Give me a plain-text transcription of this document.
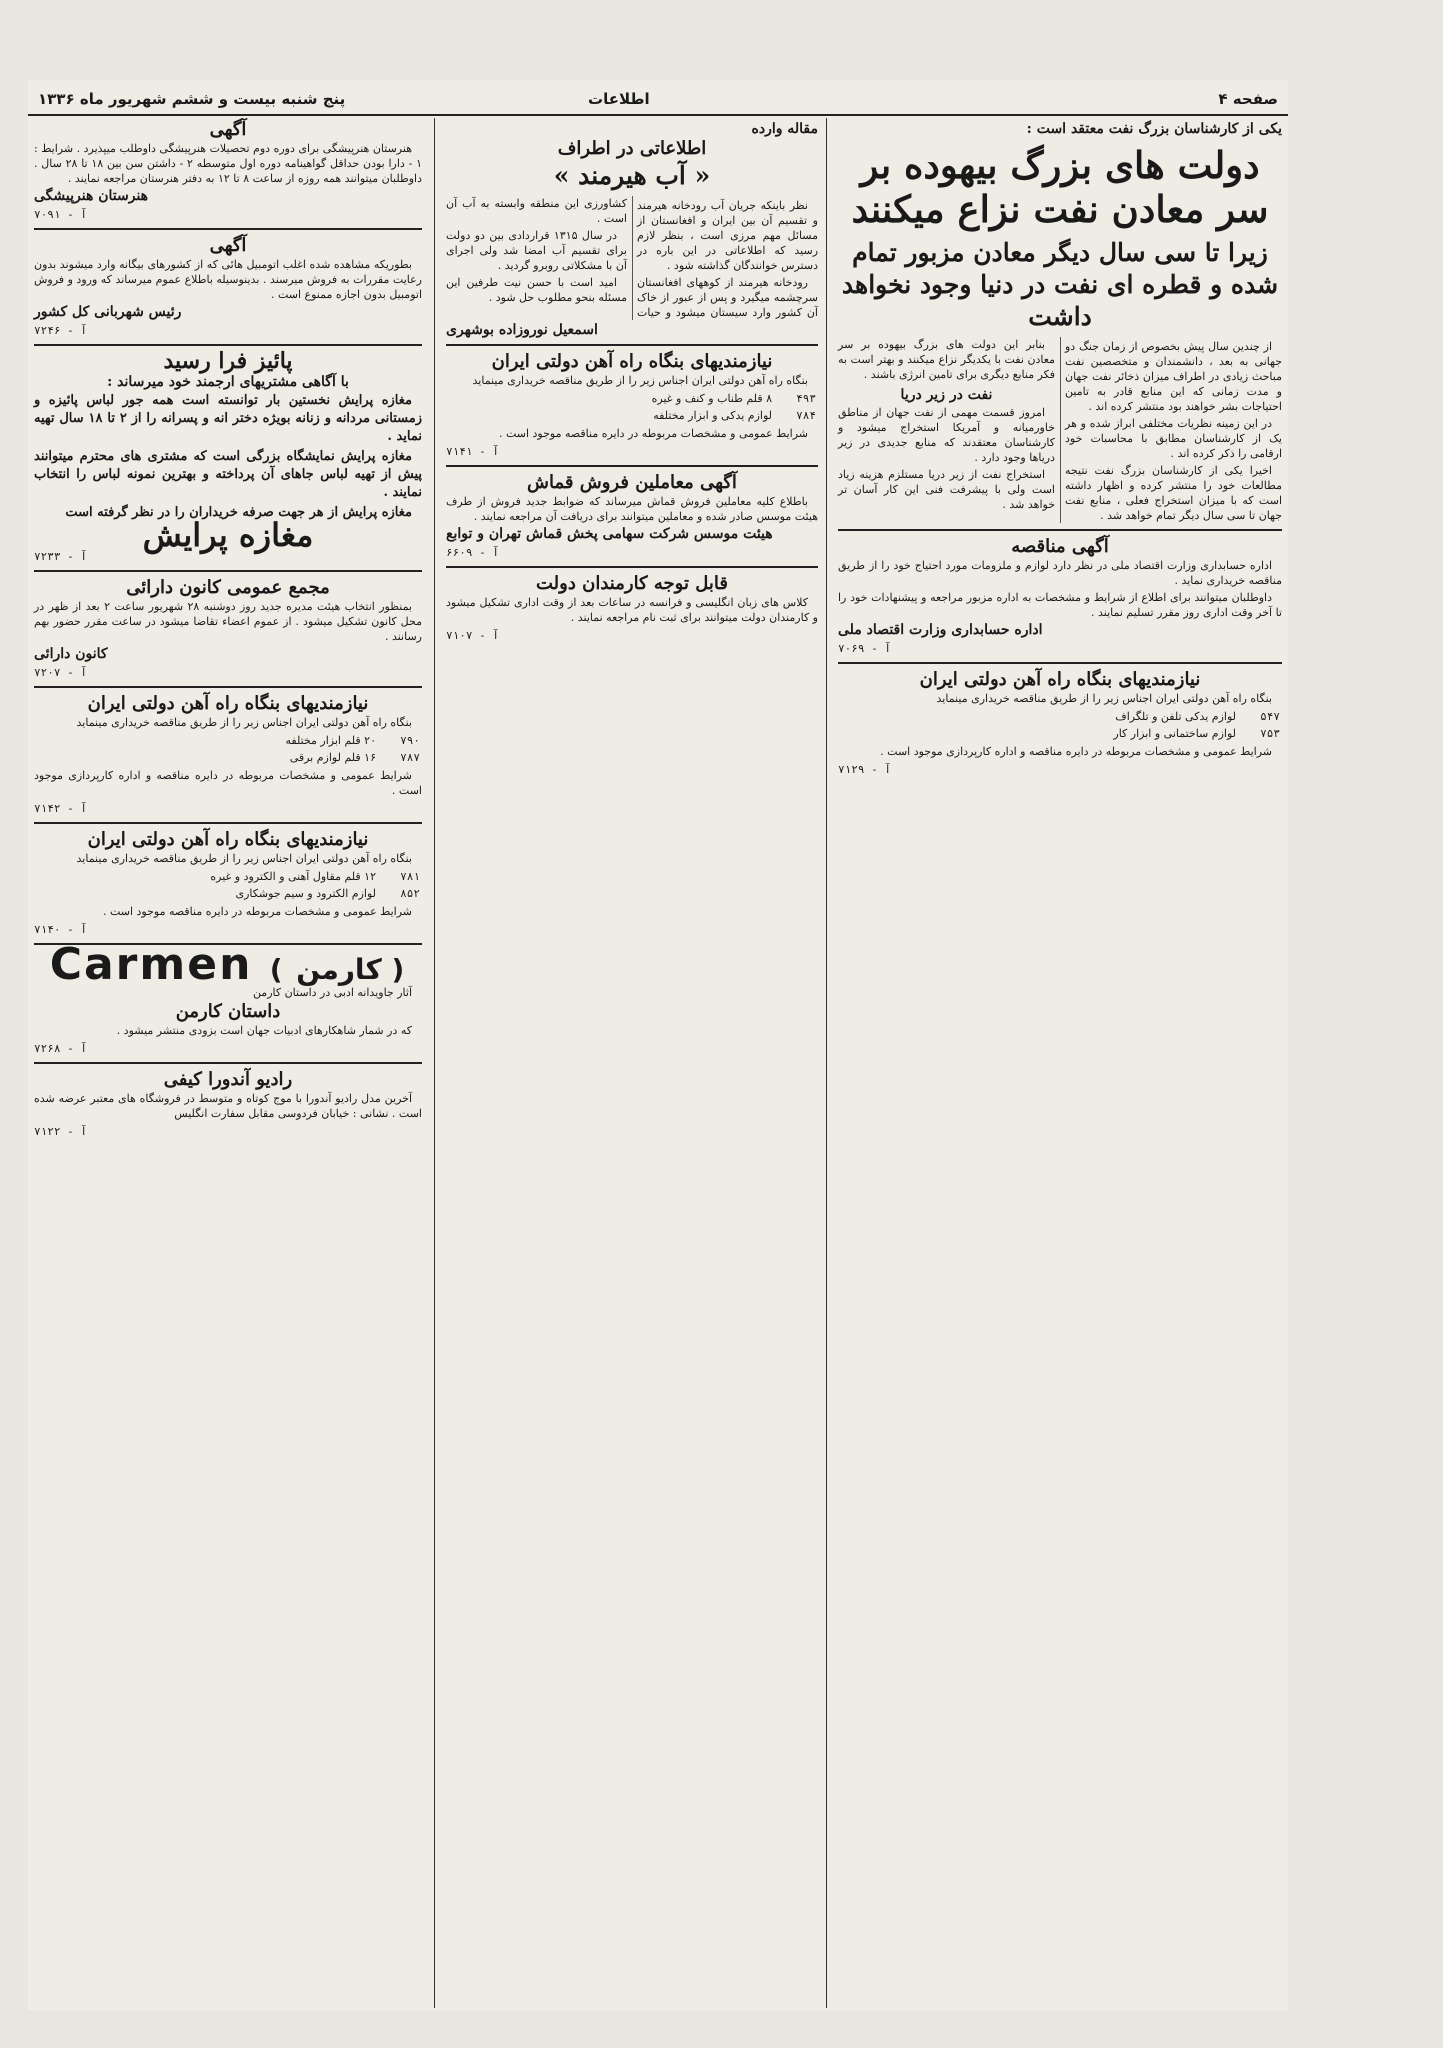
صفحه ۴
اطلاعات
پنج شنبه بیست و ششم شهریور ماه ۱۳۳۶
یکی از کارشناسان بزرگ نفت معتقد است :
دولت های بزرگ بیهوده بر سر معادن نفت نزاع میکنند
زیرا تا سی سال دیگر معادن مزبور تمام شده و قطره ای نفت در دنیا وجود نخواهد داشت

از چندین سال پیش بخصوص از زمان جنگ دو جهانی به بعد ، دانشمندان و متخصصین نفت مباحث زیادی در اطراف میزان ذخائر نفت جهان و مدت زمانی که این منابع قادر به تامین احتیاجات بشر خواهند بود منتشر کرده اند .

در این زمینه نظریات مختلفی ابراز شده و هر یک از کارشناسان مطابق با محاسبات خود ارقامی را ذکر کرده اند .

اخیرا یکی از کارشناسان بزرگ نفت نتیجه مطالعات خود را منتشر کرده و اظهار داشته است که با میزان استخراج فعلی ، منابع نفت جهان تا سی سال دیگر تمام خواهد شد .

بنابر این دولت های بزرگ بیهوده بر سر معادن نفت با یکدیگر نزاع میکنند و بهتر است به فکر منابع دیگری برای تامین انرژی باشند .

نفت در زیر دریا

امروز قسمت مهمی از نفت جهان از مناطق خاورمیانه و آمریکا استخراج میشود و کارشناسان معتقدند که منابع جدیدی در زیر دریاها وجود دارد .

استخراج نفت از زیر دریا مستلزم هزینه زیاد است ولی با پیشرفت فنی این کار آسان تر خواهد شد .

آگهی مناقصه

اداره حسابداری وزارت اقتصاد ملی در نظر دارد لوازم و ملزومات مورد احتیاج خود را از طریق مناقصه خریداری نماید .

داوطلبان میتوانند برای اطلاع از شرایط و مشخصات به اداره مزبور مراجعه و پیشنهادات خود را تا آخر وقت اداری روز مقرر تسلیم نمایند .

اداره حسابداری وزارت اقتصاد ملی
آ - ۷۰۶۹
نیازمندیهای بنگاه راه آهن دولتی ایران

بنگاه راه آهن دولتی ایران اجناس زیر را از طریق مناقصه خریداری مینماید

۵۴۷	لوازم یدکی تلفن و تلگراف
۷۵۳	لوازم ساختمانی و ابزار کار

شرایط عمومی و مشخصات مربوطه در دایره مناقصه و اداره کارپردازی موجود است .

آ - ۷۱۲۹
مقاله وارده
اطلاعاتی در اطراف
« آب هیرمند »

نظر باینکه جریان آب رودخانه هیرمند و تقسیم آن بین ایران و افغانستان از مسائل مهم مرزی است ، بنظر لازم رسید که اطلاعاتی در این باره در دسترس خوانندگان گذاشته شود .

رودخانه هیرمند از کوههای افغانستان سرچشمه میگیرد و پس از عبور از خاک آن کشور وارد سیستان میشود و حیات کشاورزی این منطقه وابسته به آب آن است .

در سال ۱۳۱۵ قراردادی بین دو دولت برای تقسیم آب امضا شد ولی اجرای آن با مشکلاتی روبرو گردید .

امید است با حسن نیت طرفین این مسئله بنحو مطلوب حل شود .

اسمعیل نوروزاده بوشهری
نیازمندیهای بنگاه راه آهن دولتی ایران

بنگاه راه آهن دولتی ایران اجناس زیر را از طریق مناقصه خریداری مینماید

۴۹۳	۸ قلم طناب و کنف و غیره
۷۸۴	لوازم یدکی و ابزار مختلفه

شرایط عمومی و مشخصات مربوطه در دایره مناقصه موجود است .

آ - ۷۱۴۱
آگهی معاملین فروش قماش

باطلاع کلیه معاملین فروش قماش میرساند که ضوابط جدید فروش از طرف هیئت موسس صادر شده و معاملین میتوانند برای دریافت آن مراجعه نمایند .

هیئت موسس شرکت سهامی پخش قماش تهران و توابع
آ - ۶۶۰۹
قابل توجه کارمندان دولت

کلاس های زبان انگلیسی و فرانسه در ساعات بعد از وقت اداری تشکیل میشود و کارمندان دولت میتوانند برای ثبت نام مراجعه نمایند .

آ - ۷۱۰۷
آگهی

هنرستان هنرپیشگی برای دوره دوم تحصیلات هنرپیشگی داوطلب میپذیرد . شرایط : ۱ - دارا بودن حداقل گواهینامه دوره اول متوسطه ۲ - داشتن سن بین ۱۸ تا ۲۸ سال . داوطلبان میتوانند همه روزه از ساعت ۸ تا ۱۲ به دفتر هنرستان مراجعه نمایند .

هنرستان هنرپیشگی
آ - ۷۰۹۱
آگهی

بطوریکه مشاهده شده اغلب اتومبیل هائی که از کشورهای بیگانه وارد میشوند بدون رعایت مقررات به فروش میرسند . بدینوسیله باطلاع عموم میرساند که ورود و فروش اتومبیل بدون اجازه ممنوع است .

رئیس شهربانی کل کشور
آ - ۷۲۴۶
پائیز فرا رسید
با آگاهی مشتریهای ارجمند خود میرساند :

مغازه پرایش نخستین بار توانسته است همه جور لباس پائیزه و زمستانی مردانه و زنانه بویژه دختر انه و پسرانه را از ۲ تا ۱۸ سال تهیه نماید .

مغازه پرایش نمایشگاه بزرگی است که مشتری های محترم میتوانند پیش از تهیه لباس جاهای آن پرداخته و بهترین نمونه لباس را انتخاب نمایند .

مغازه پرایش از هر جهت صرفه خریداران را در نظر گرفته است

مغازه پرایش
آ - ۷۲۳۳
مجمع عمومی کانون دارائی

بمنظور انتخاب هیئت مدیره جدید روز دوشنبه ۲۸ شهریور ساعت ۲ بعد از ظهر در محل کانون تشکیل میشود . از عموم اعضاء تقاضا میشود در ساعت مقرر حضور بهم رسانند .

کانون دارائی
آ - ۷۲۰۷
نیازمندیهای بنگاه راه آهن دولتی ایران

بنگاه راه آهن دولتی ایران اجناس زیر را از طریق مناقصه خریداری مینماید

۷۹۰	۲۰ قلم ابزار مختلفه
۷۸۷	۱۶ قلم لوازم برقی

شرایط عمومی و مشخصات مربوطه در دایره مناقصه و اداره کارپردازی موجود است .

آ - ۷۱۴۲
نیازمندیهای بنگاه راه آهن دولتی ایران

بنگاه راه آهن دولتی ایران اجناس زیر را از طریق مناقصه خریداری مینماید

۷۸۱	۱۲ قلم مقاول آهنی و الکترود و غیره
۸۵۲	لوازم الکترود و سیم جوشکاری

شرایط عمومی و مشخصات مربوطه در دایره مناقصه موجود است .

آ - ۷۱۴۰
Carmen ( کارمن )

آثار جاویدانه ادبی در داستان کارمن

داستان کارمن

که در شمار شاهکارهای ادبیات جهان است بزودی منتشر میشود .

آ - ۷۲۶۸
رادیو آندورا کیفی

آخرین مدل رادیو آندورا با موج کوتاه و متوسط در فروشگاه های معتبر عرضه شده است . نشانی : خیابان فردوسی مقابل سفارت انگلیس

آ - ۷۱۲۲
